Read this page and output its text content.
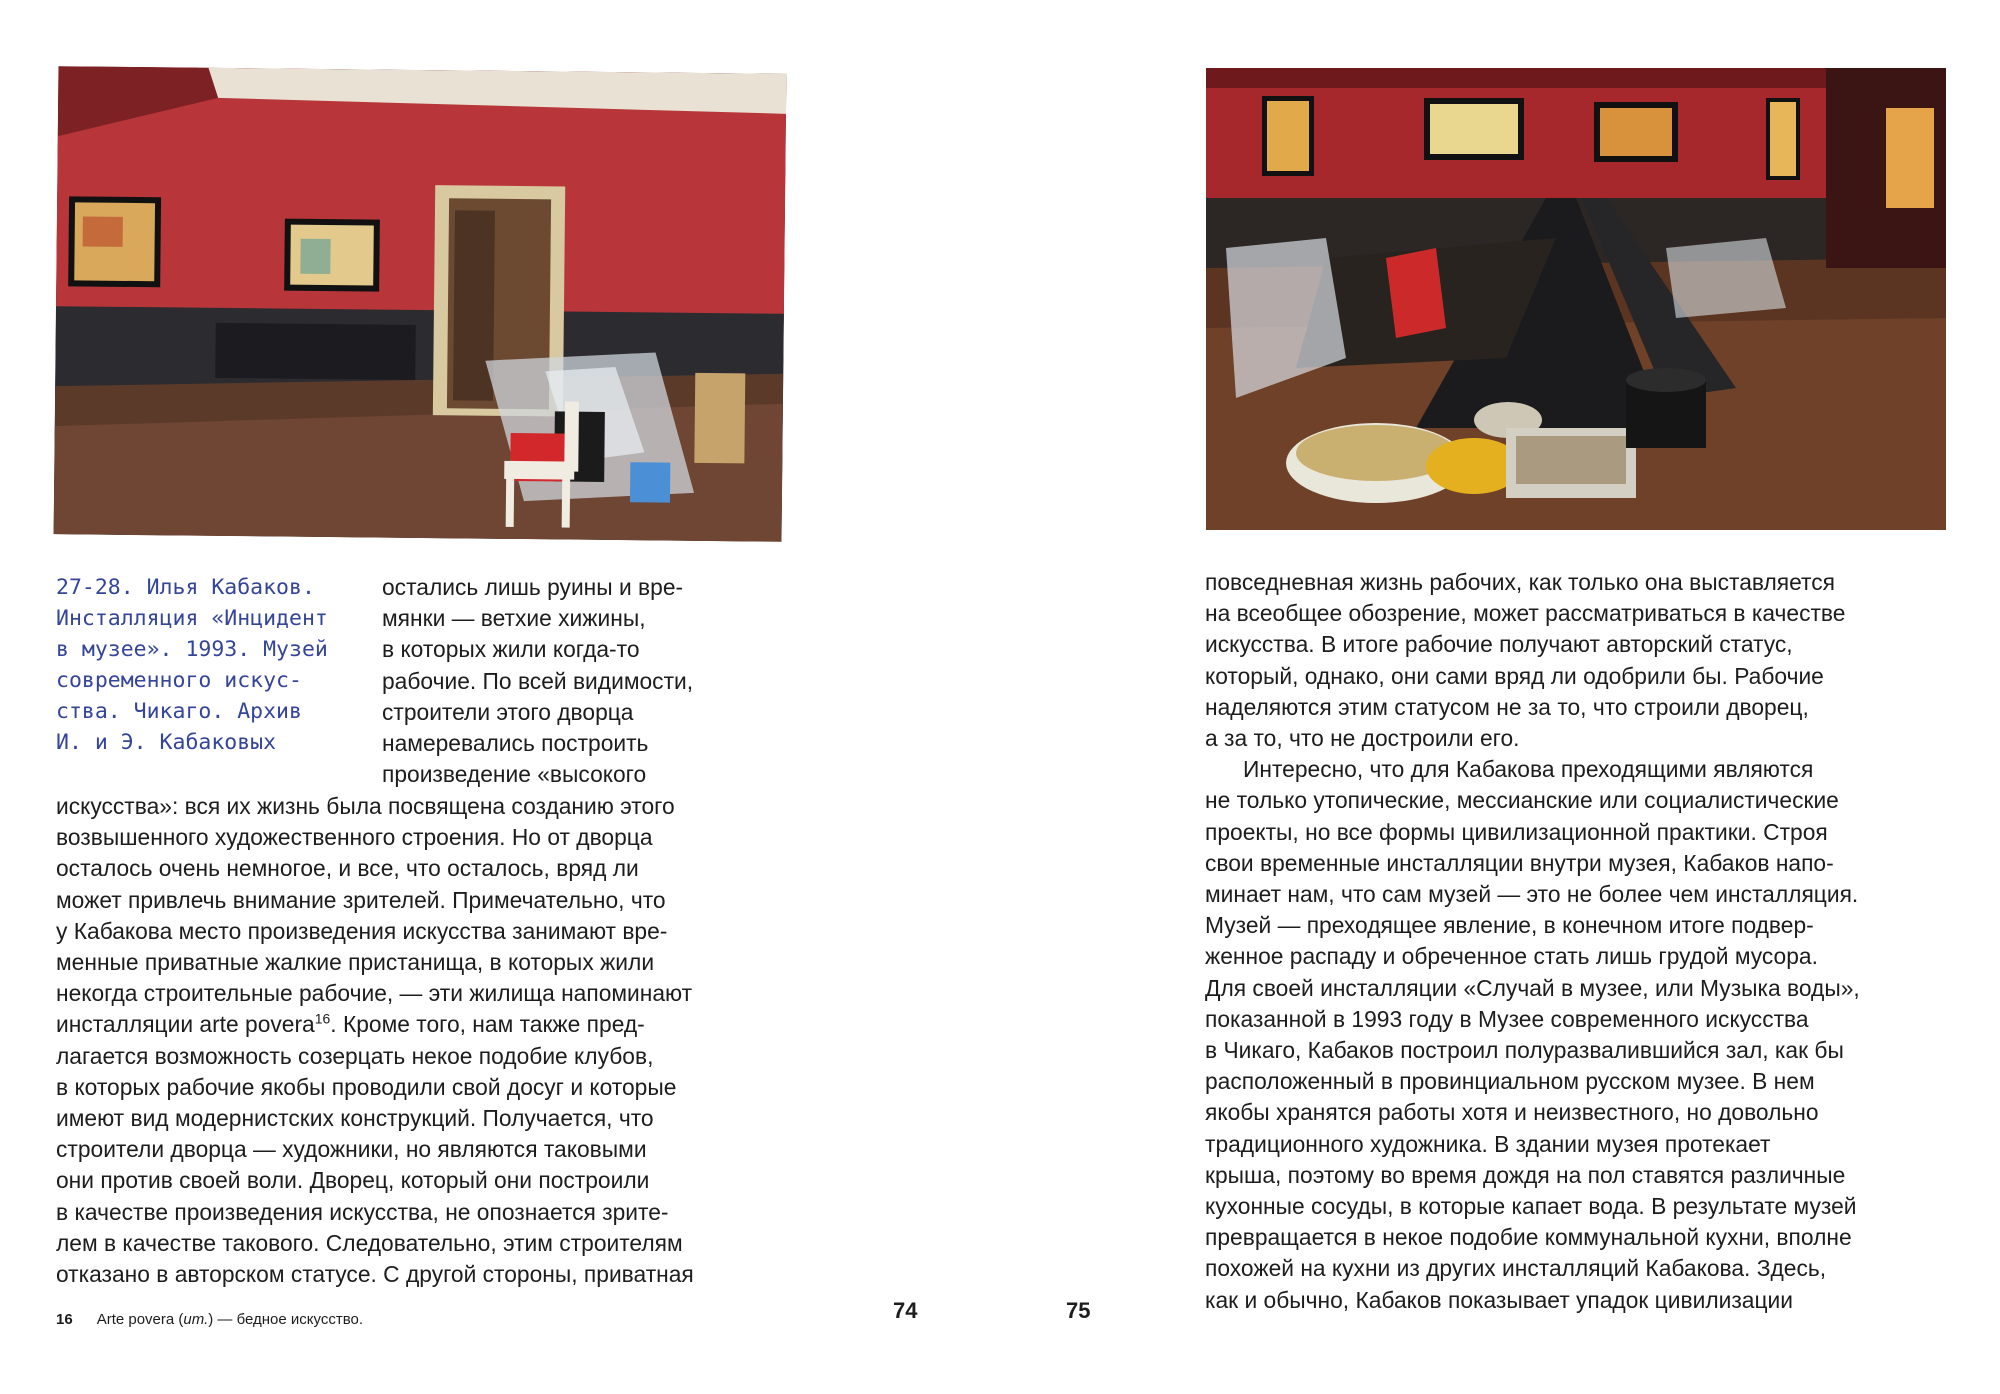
27-28. Илья Кабаков.
Инсталляция «Инцидент
в музее». 1993. Музей
современного искус-
ства. Чикаго. Архив
И. и Э. Кабаковых

остались лишь руины и вре-
мянки — ветхие хижины,
в которых жили когда-то
рабочие. По всей видимости,
строители этого дворца
намеревались построить
произведение «высокого

искусства»: вся их жизнь была посвящена созданию этого
возвышенного художественного строения. Но от дворца
осталось очень немногое, и все, что осталось, вряд ли
может привлечь внимание зрителей. Примечательно, что
у Кабакова место произведения искусства занимают вре-
менные приватные жалкие пристанища, в которых жили
некогда строительные рабочие, — эти жилища напоминают
инсталляции arte povera$^{16}$. Кроме того, нам также пред-
лагается возможность созерцать некое подобие клубов,
в которых рабочие якобы проводили свой досуг и которые
имеют вид модернистских конструкций. Получается, что
строители дворца — художники, но являются таковыми
они против своей воли. Дворец, который они построили
в качестве произведения искусства, не опознается зрите-
лем в качестве такового. Следовательно, этим строителям
отказано в авторском статусе. С другой стороны, приватная

16 Arte povera (ит.) — бедное искусство.	74	75

повседневная жизнь рабочих, как только она выставляется
на всеобщее обозрение, может рассматриваться в качестве
искусства. В итоге рабочие получают авторский статус,
который, однако, они сами вряд ли одобрили бы. Рабочие
наделяются этим статусом не за то, что строили дворец,
а за то, что не достроили его.
Интересно, что для Кабакова преходящими являются
не только утопические, мессианские или социалистические
проекты, но все формы цивилизационной практики. Строя
свои временные инсталляции внутри музея, Кабаков напо-
минает нам, что сам музей — это не более чем инсталляция.
Музей — преходящее явление, в конечном итоге подвер-
женное распаду и обреченное стать лишь грудой мусора.
Для своей инсталляции «Случай в музее, или Музыка воды»,
показанной в 1993 году в Музее современного искусства
в Чикаго, Кабаков построил полуразвалившийся зал, как бы
расположенный в провинциальном русском музее. В нем
якобы хранятся работы хотя и неизвестного, но довольно
традиционного художника. В здании музея протекает
крыша, поэтому во время дождя на пол ставятся различные
кухонные сосуды, в которые капает вода. В результате музей
превращается в некое подобие коммунальной кухни, вполне
похожей на кухни из других инсталляций Кабакова. Здесь,
как и обычно, Кабаков показывает упадок цивилизации
